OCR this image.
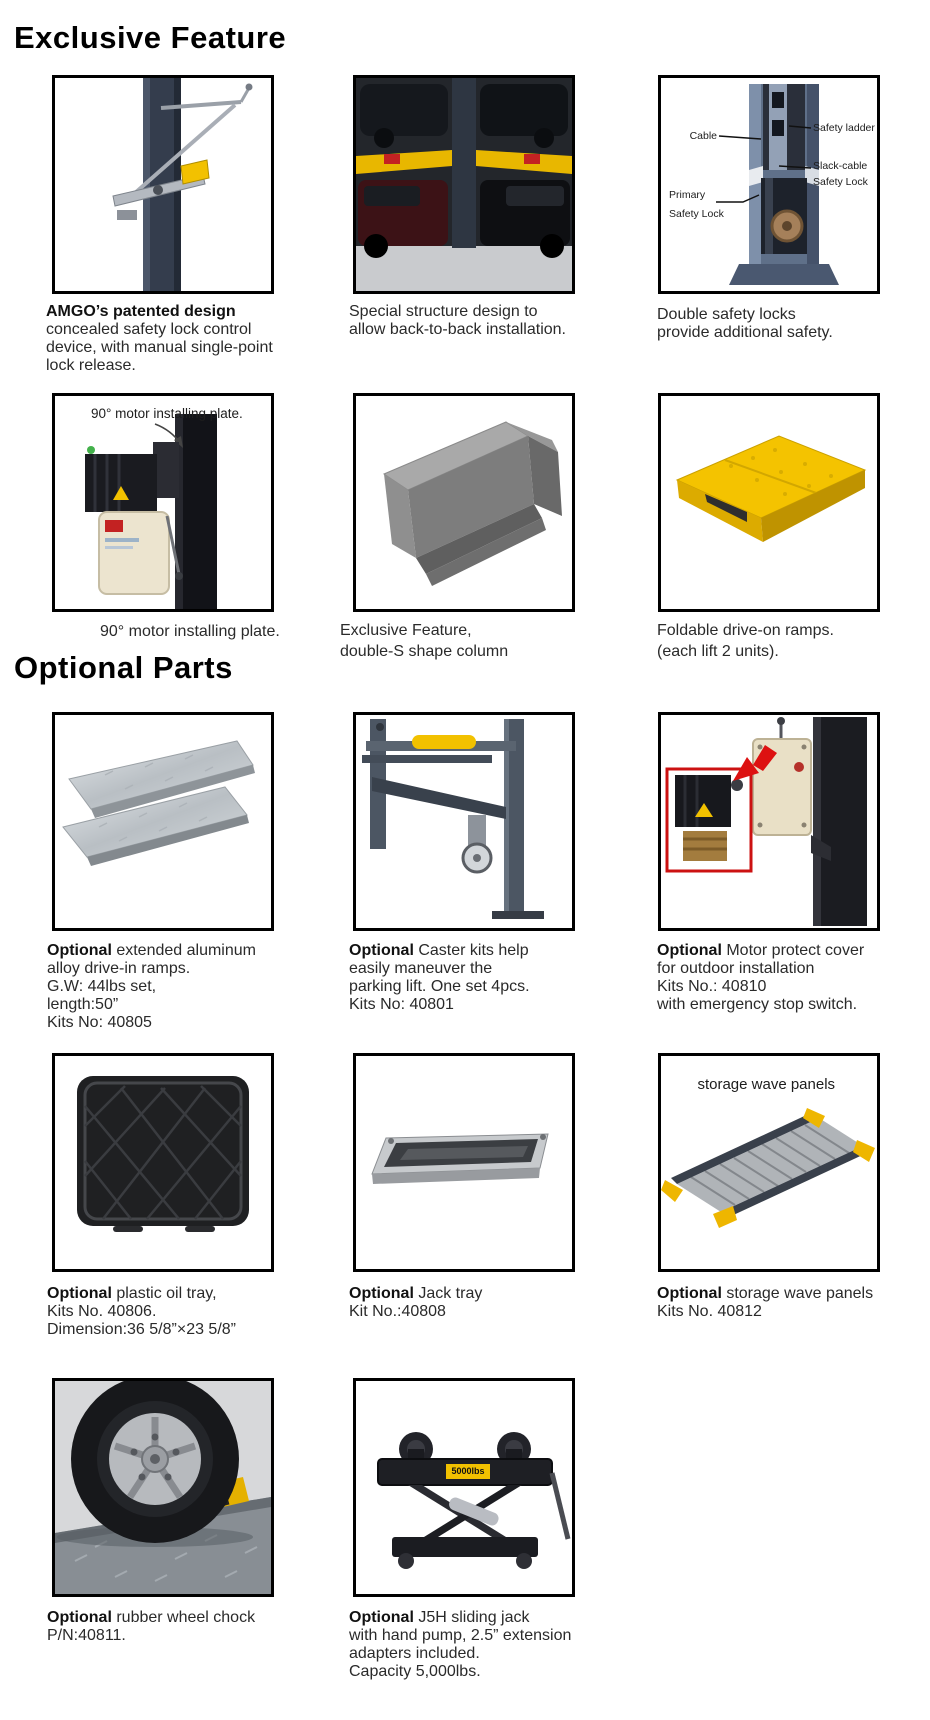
Exclusive Feature
Optional Parts
Cable
Safety ladder
Slack-cable
Safety Lock
Primary
Safety Lock
AMGO’s patented design
concealed safety lock control
device, with manual single-point
lock release.
Special structure design to
allow back-to-back installation.
Double safety locks
provide additional safety.
90° motor installing plate.
90° motor installing plate.	Exclusive Feature,
double-S shape column
Foldable drive-on ramps.
(each lift 2 units).
Optional extended aluminum
alloy drive-in ramps.
G.W: 44lbs set,
length:50”
Kits No: 40805
Optional Caster kits help
easily maneuver the
parking lift. One set 4pcs.
Kits No: 40801
Optional Motor protect cover
for outdoor installation
Kits No.: 40810
with emergency stop switch.
storage wave panels
Optional plastic oil tray,
Kits No. 40806.
Dimension:36 5/8”×23 5/8”
Optional Jack tray
Kit No.:40808
Optional storage wave panels
Kits No. 40812
5000lbs
Optional rubber wheel chock
P/N:40811.
Optional J5H sliding jack
with hand pump, 2.5” extension
adapters included.
Capacity 5,000lbs.
